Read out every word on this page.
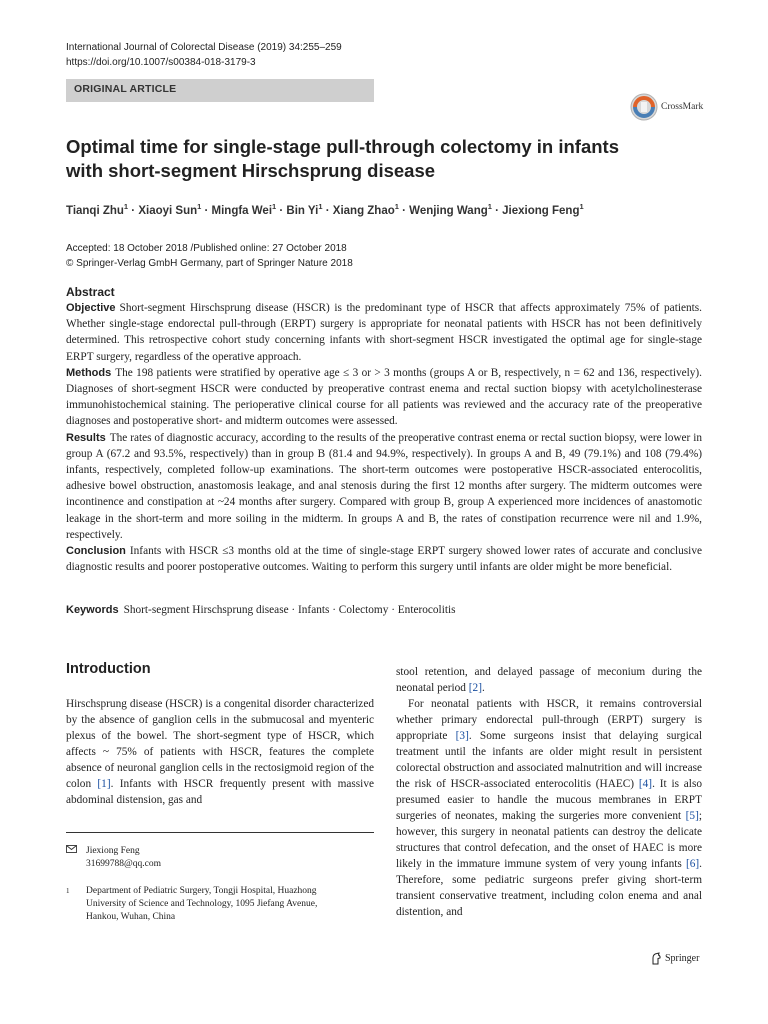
International Journal of Colorectal Disease (2019) 34:255–259
https://doi.org/10.1007/s00384-018-3179-3
ORIGINAL ARTICLE
CrossMark
Optimal time for single-stage pull-through colectomy in infants
with short-segment Hirschsprung disease
Tianqi Zhu$^1$ · Xiaoyi Sun$^1$ · Mingfa Wei$^1$ · Bin $Yi^1$ · Xiang Zhao$^1$ · Wenjing Wang$^1$ · Jiexiong Feng$^1$
Accepted: 18 October 2018 /Published online: 27 October 2018
© Springer-Verlag GmbH Germany, part of Springer Nature 2018
Abstract

Objective Short-segment Hirschsprung disease (HSCR) is the predominant type of HSCR that affects approximately 75% of patients. Whether single-stage endorectal pull-through (ERPT) surgery is appropriate for neonatal patients with HSCR has not been definitively determined. This retrospective cohort study concerning infants with short-segment HSCR investigated the optimal age for single-stage ERPT surgery, regardless of the operative approach.

Methods The 198 patients were stratified by operative age ≤ 3 or > 3 months (groups A or B, respectively, n = 62 and 136, respectively). Diagnoses of short-segment HSCR were conducted by preoperative contrast enema and rectal suction biopsy with acetylcholinesterase immunohistochemical staining. The perioperative clinical course for all patients was reviewed and the accuracy rate of the preoperative diagnoses and postoperative short- and midterm outcomes were assessed.

Results The rates of diagnostic accuracy, according to the results of the preoperative contrast enema or rectal suction biopsy, were lower in group A (67.2 and 93.5%, respectively) than in group B (81.4 and 94.9%, respectively). In groups A and B, 49 (79.1%) and 108 (79.4%) infants, respectively, completed follow-up examinations. The short-term outcomes were postoperative HSCR-associated enterocolitis, adhesive bowel obstruction, anastomosis leakage, and anal stenosis during the first 12 months after surgery. The midterm outcomes were incontinence and constipation at ~24 months after surgery. Compared with group B, group A experienced more incidences of anastomotic leakage in the short-term and more soiling in the midterm. In groups A and B, the rates of constipation recurrence were nil and 1.9%, respectively.

Conclusion Infants with HSCR ≤3 months old at the time of single-stage ERPT surgery showed lower rates of accurate and conclusive diagnostic results and poorer postoperative outcomes. Waiting to perform this surgery until infants are older might be more beneficial.

Keywords Short-segment Hirschsprung disease · Infants · Colectomy · Enterocolitis
Introduction

Hirschsprung disease (HSCR) is a congenital disorder characterized by the absence of ganglion cells in the submucosal and myenteric plexus of the bowel. The short-segment type of HSCR, which affects ~ 75% of patients with HSCR, features the complete absence of neuronal ganglion cells in the rectosigmoid region of the colon [1]. Infants with HSCR frequently present with massive abdominal distension, gas and

Jiexiong Feng
31699788@qq.com
1	Department of Pediatric Surgery, Tongji Hospital, Huazhong
University of Science and Technology, 1095 Jiefang Avenue,
Hankou, Wuhan, China

stool retention, and delayed passage of meconium during the neonatal period [2].

For neonatal patients with HSCR, it remains controversial whether primary endorectal pull-through (ERPT) surgery is appropriate [3]. Some surgeons insist that delaying surgical treatment until the infants are older might result in persistent colorectal obstruction and associated malnutrition and will increase the risk of HSCR-associated enterocolitis (HAEC) [4]. It is also presumed easier to handle the mucous membranes in ERPT surgeries of neonates, making the surgeries more convenient [5]; however, this surgery in neonatal patients can destroy the delicate structures that control defecation, and the onset of HAEC is more likely in the immature immune system of very young infants [6]. Therefore, some pediatric surgeons prefer giving short-term transient conservative treatment, including colon enema and anal distention, and

Springer
